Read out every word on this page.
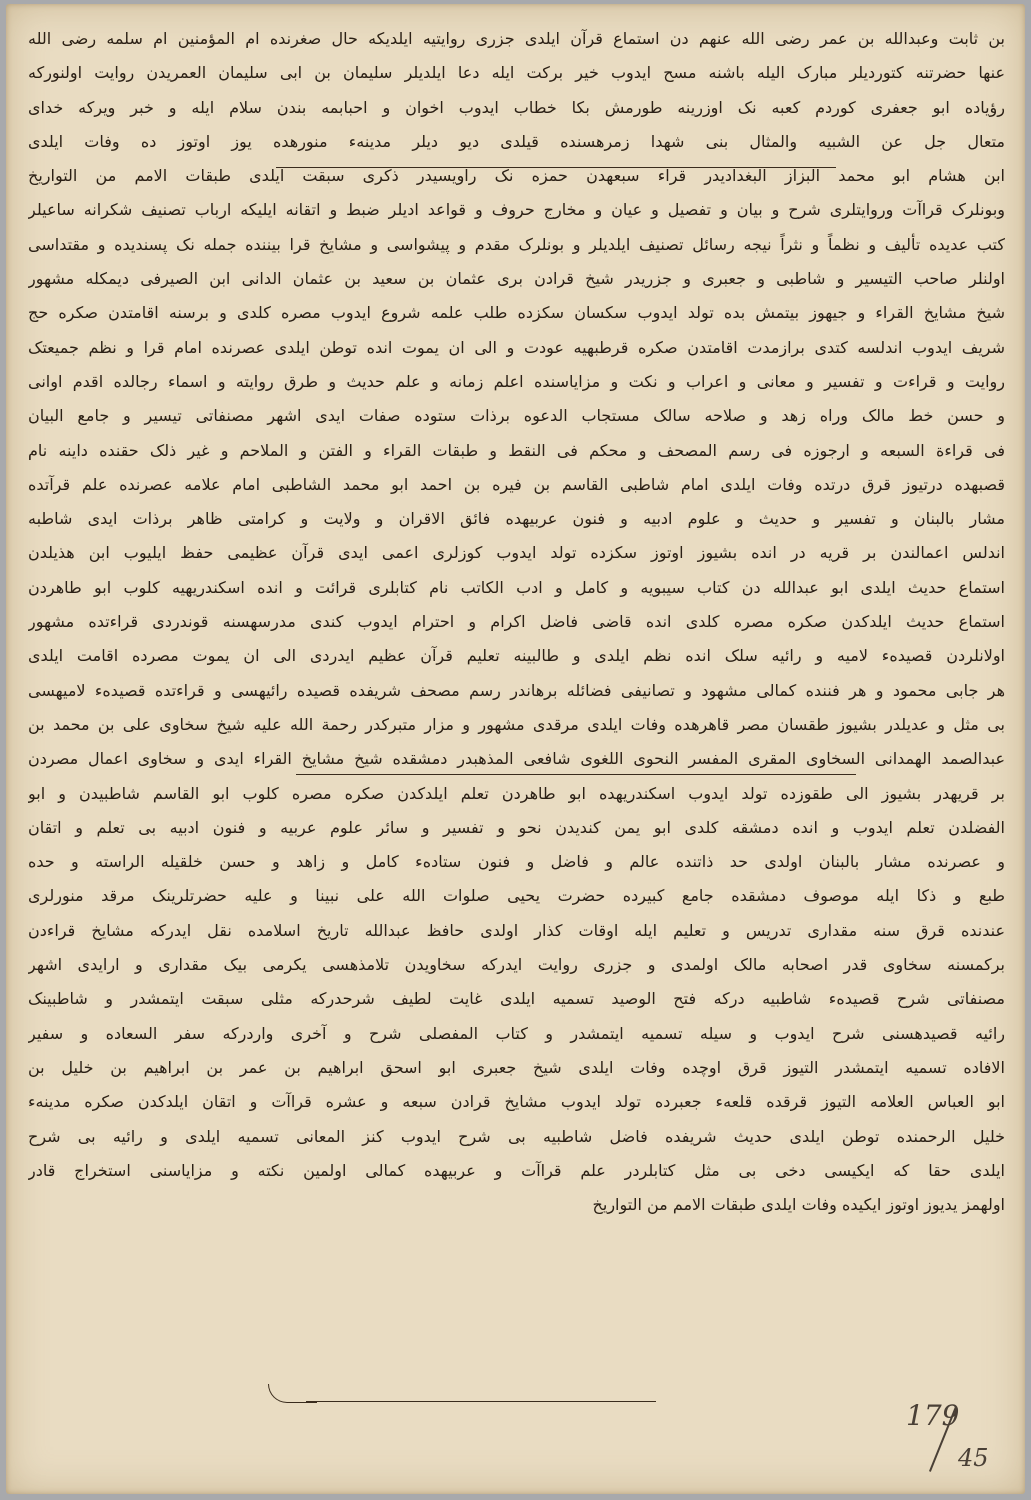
بن ثابت وعبدالله بن عمر رضی الله عنهم دن استماع قرآن ایلدی جزری روایتیه ایلدیکه حال صغرنده ام المؤمنین ام سلمه رضی الله
عنها حضرتنه کتوردیلر مبارک الیله باشنه مسح ایدوب خیر برکت ایله دعا ایلدیلر سلیمان بن ابی سلیمان العمریدن روایت اولنورکه
رؤیاده ابو جعفری کوردم کعبه نک اوزرینه طورمش بکا خطاب ایدوب اخوان و احبابمه بندن سلام ایله و خبر ویرکه خدای
متعال جل عن الشبیه والمثال بنی شهدا زمرهسنده قیلدی دیو دیلر مدینهء منورهده یوز اوتوز ده وفات ایلدی
ابن هشام ابو محمد البزاز البغدادیدر قراء سبعهدن حمزه نک راویسیدر ذکری سبقت ایلدی طبقات الامم من التواریخ
وبونلرک قراآت وروایتلری شرح و بیان و تفصیل و عیان و مخارج حروف و قواعد ادیلر ضبط و اتقانه ایلیکه ارباب تصنیف شکرانه ساعیلر
کتب عدیده تألیف و نظماً و نثراً نیجه رسائل تصنیف ایلدیلر و بونلرک مقدم و پیشواسی و مشایخ قرا بیننده جمله نک پسندیده و مقتداسی
اولنلر صاحب التیسیر و شاطبی و جعبری و جزریدر شیخ قرادن بری عثمان بن سعید بن عثمان الدانی ابن الصیرفی دیمکله مشهور
شیخ مشایخ القراء و جیهوز بیتمش بده تولد ایدوب سکسان سکزده طلب علمه شروع ایدوب مصره کلدی و برسنه اقامتدن صکره حج
شریف ایدوب اندلسه کتدی برازمدت اقامتدن صکره قرطبهیه عودت و الی ان یموت انده توطن ایلدی عصرنده امام قرا و نظم جمیعتک
روایت و قراءت و تفسیر و معانی و اعراب و نکت و مزایاسنده اعلم زمانه و علم حدیث و طرق روایته و اسماء رجالده اقدم اوانی
و حسن خط مالک وراه زهد و صلاحه سالک مستجاب الدعوه برذات ستوده صفات ایدی اشهر مصنفاتی تیسیر و جامع البیان
فی قراءة السبعه و ارجوزه فی رسم المصحف و محکم فی النقط و طبقات القراء و الفتن و الملاحم و غیر ذلک حقنده داینه نام
قصبهده درتیوز قرق درتده وفات ایلدی امام شاطبی القاسم بن فیره بن احمد ابو محمد الشاطبی امام علامه عصرنده علم قرآتده
مشار بالبنان و تفسیر و حدیث و علوم ادبیه و فنون عربیهده فائق الاقران و ولایت و کرامتی ظاهر برذات ایدی شاطبه
اندلس اعمالندن بر قریه در انده بشیوز اوتوز سکزده تولد ایدوب کوزلری اعمی ایدی قرآن عظیمی حفظ ایلیوب ابن هذیلدن
استماع حدیث ایلدی ابو عبدالله دن کتاب سیبویه و کامل و ادب الکاتب نام کتابلری قرائت و انده اسکندریهیه کلوب ابو طاهردن
استماع حدیث ایلدکدن صکره مصره کلدی انده قاضی فاضل اکرام و احترام ایدوب کندی مدرسهسنه قوندردی قراءتده مشهور
اولانلردن قصیدهء لامیه و رائیه سلک انده نظم ایلدی و طالبینه تعلیم قرآن عظیم ایدردی الی ان یموت مصرده اقامت ایلدی
هر جابی محمود و هر فننده کمالی مشهود و تصانیفی فضائله برهاندر رسم مصحف شریفده قصیده رائیهسی و قراءتده قصیدهء لامیهسی
بی مثل و عدیلدر بشیوز طقسان مصر قاهرهده وفات ایلدی مرقدی مشهور و مزار متبرکدر رحمة الله علیه شیخ سخاوی علی بن محمد بن
عبدالصمد الهمدانی السخاوی المقری المفسر النحوی اللغوی شافعی المذهبدر دمشقده شیخ مشایخ القراء ایدی و سخاوی اعمال مصردن
بر قریهدر بشیوز الی طقوزده تولد ایدوب اسکندریهده ابو طاهردن تعلم ایلدکدن صکره مصره کلوب ابو القاسم شاطبیدن و ابو
الفضلدن تعلم ایدوب و انده دمشقه کلدی ابو یمن کندیدن نحو و تفسیر و سائر علوم عربیه و فنون ادبیه بی تعلم و اتقان
و عصرنده مشار بالبنان اولدی حد ذاتنده عالم و فاضل و فنون ستادهء کامل و زاهد و حسن خلقیله الراسته و حده
طبع و ذکا ایله موصوف دمشقده جامع کبیرده حضرت یحیی صلوات الله علی نبینا و علیه حضرتلرینک مرقد منورلری
عندنده قرق سنه مقداری تدریس و تعلیم ایله اوقات کذار اولدی حافظ عبدالله تاریخ اسلامده نقل ایدرکه مشایخ قراءدن
برکمسنه سخاوی قدر اصحابه مالک اولمدی و جزری روایت ایدرکه سخاویدن تلامذهسی یکرمی بیک مقداری و ارایدی اشهر
مصنفاتی شرح قصیدهء شاطبیه درکه فتح الوصید تسمیه ایلدی غایت لطیف شرحدرکه مثلی سبقت ایتمشدر و شاطبینک
رائیه قصیدهسنی شرح ایدوب و سیله تسمیه ایتمشدر و کتاب المفصلی شرح و آخری واردرکه سفر السعاده و سفیر
الافاده تسمیه ایتمشدر التیوز قرق اوچده وفات ایلدی شیخ جعبری ابو اسحق ابراهیم بن عمر بن ابراهیم بن خلیل بن
ابو العباس العلامه التیوز قرقده قلعهء جعبرده تولد ایدوب مشایخ قرادن سبعه و عشره قراآت و اتقان ایلدکدن صکره مدینهء
خلیل الرحمنده توطن ایلدی حدیث شریفده فاضل شاطبیه بی شرح ایدوب کنز المعانی تسمیه ایلدی و رائیه بی شرح
ایلدی حقا که ایکیسی دخی بی مثل کتابلردر علم قراآت و عربیهده کمالی اولمین نکته و مزایاسنی استخراج قادر
اولهمز یدیوز اوتوز ایکیده وفات ایلدی طبقات الامم من التواریخ
179
45
